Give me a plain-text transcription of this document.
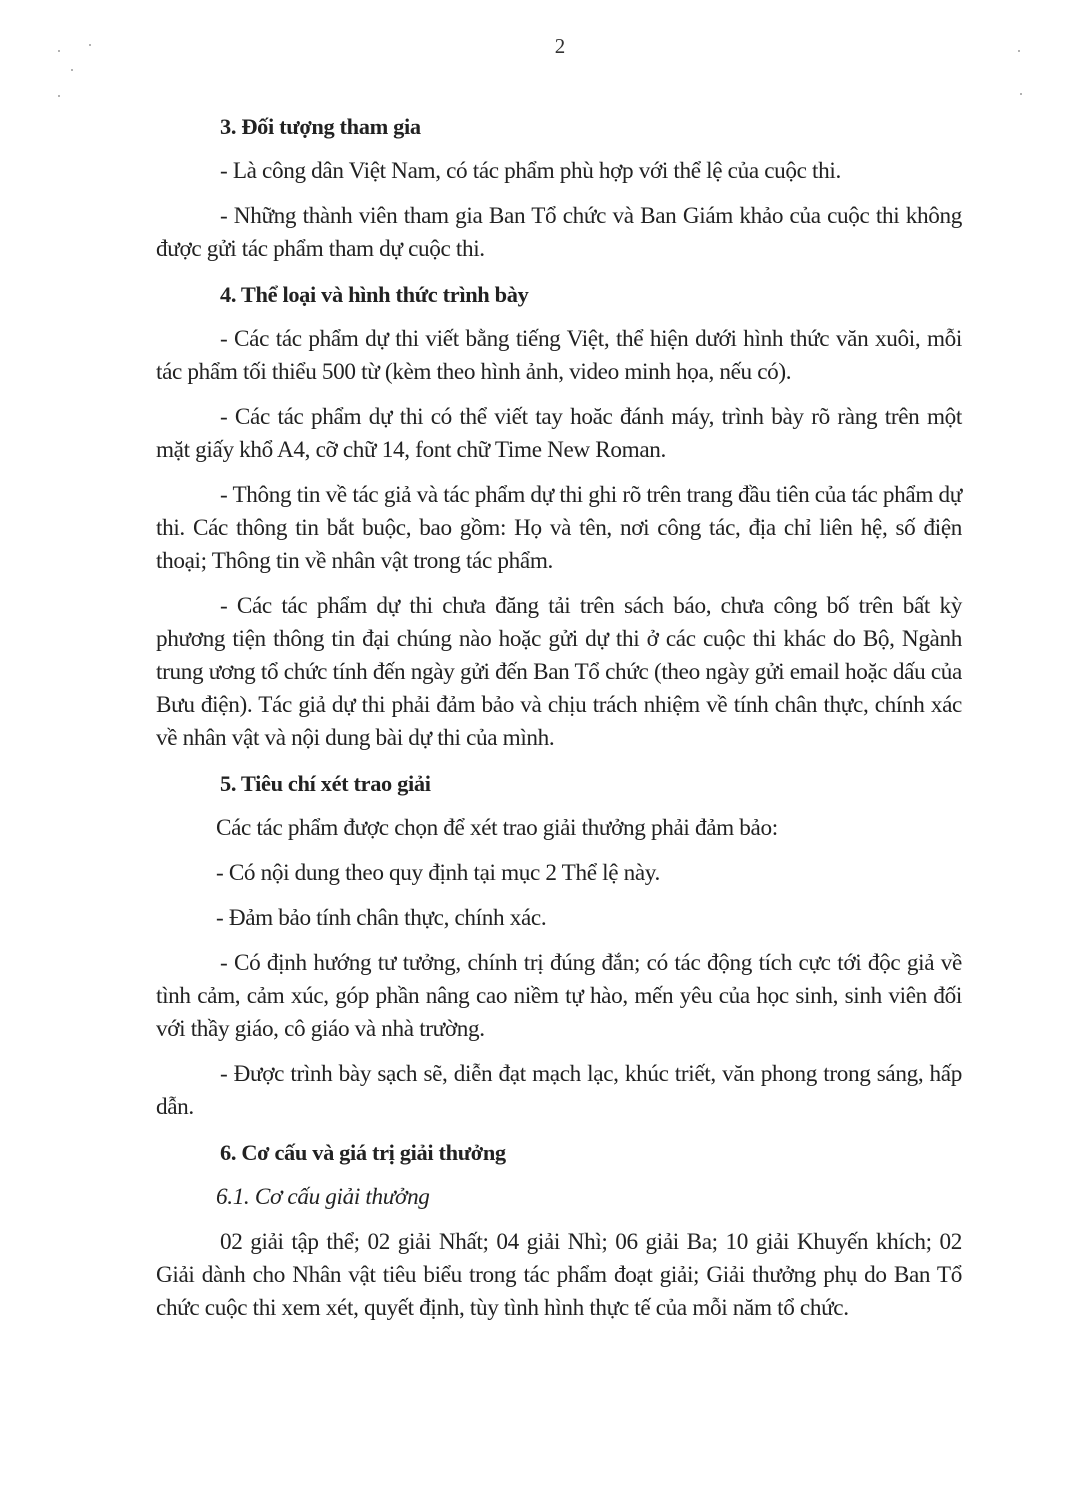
2

3. Đối tượng tham gia

- Là công dân Việt Nam, có tác phẩm phù hợp với thể lệ của cuộc thi.

- Những thành viên tham gia Ban Tổ chức và Ban Giám khảo của cuộc thi không được gửi tác phẩm tham dự cuộc thi.

4. Thể loại và hình thức trình bày

- Các tác phẩm dự thi viết bằng tiếng Việt, thể hiện dưới hình thức văn xuôi, mỗi tác phẩm tối thiểu 500 từ (kèm theo hình ảnh, video minh họa, nếu có).

- Các tác phẩm dự thi có thể viết tay hoăc đánh máy, trình bày rõ ràng trên một mặt giấy khổ A4, cỡ chữ 14, font chữ Time New Roman.

- Thông tin về tác giả và tác phẩm dự thi ghi rõ trên trang đầu tiên của tác phẩm dự thi. Các thông tin bắt buộc, bao gồm: Họ và tên, nơi công tác, địa chỉ liên hệ, số điện thoại; Thông tin về nhân vật trong tác phẩm.

- Các tác phẩm dự thi chưa đăng tải trên sách báo, chưa công bố trên bất kỳ phương tiện thông tin đại chúng nào hoặc gửi dự thi ở các cuộc thi khác do Bộ, Ngành trung ương tổ chức tính đến ngày gửi đến Ban Tổ chức (theo ngày gửi email hoặc dấu của Bưu điện). Tác giả dự thi phải đảm bảo và chịu trách nhiệm về tính chân thực, chính xác về nhân vật và nội dung bài dự thi của mình.

5. Tiêu chí xét trao giải

Các tác phẩm được chọn để xét trao giải thưởng phải đảm bảo:

- Có nội dung theo quy định tại mục 2 Thể lệ này.

- Đảm bảo tính chân thực, chính xác.

- Có định hướng tư tưởng, chính trị đúng đắn; có tác động tích cực tới độc giả về tình cảm, cảm xúc, góp phần nâng cao niềm tự hào, mến yêu của học sinh, sinh viên đối với thầy giáo, cô giáo và nhà trường.

- Được trình bày sạch sẽ, diễn đạt mạch lạc, khúc triết, văn phong trong sáng, hấp dẫn.

6. Cơ cấu và giá trị giải thưởng

6.1. Cơ cấu giải thưởng

02 giải tập thể; 02 giải Nhất; 04 giải Nhì; 06 giải Ba; 10 giải Khuyến khích; 02 Giải dành cho Nhân vật tiêu biểu trong tác phẩm đoạt giải; Giải thưởng phụ do Ban Tổ chức cuộc thi xem xét, quyết định, tùy tình hình thực tế của mỗi năm tổ chức.
